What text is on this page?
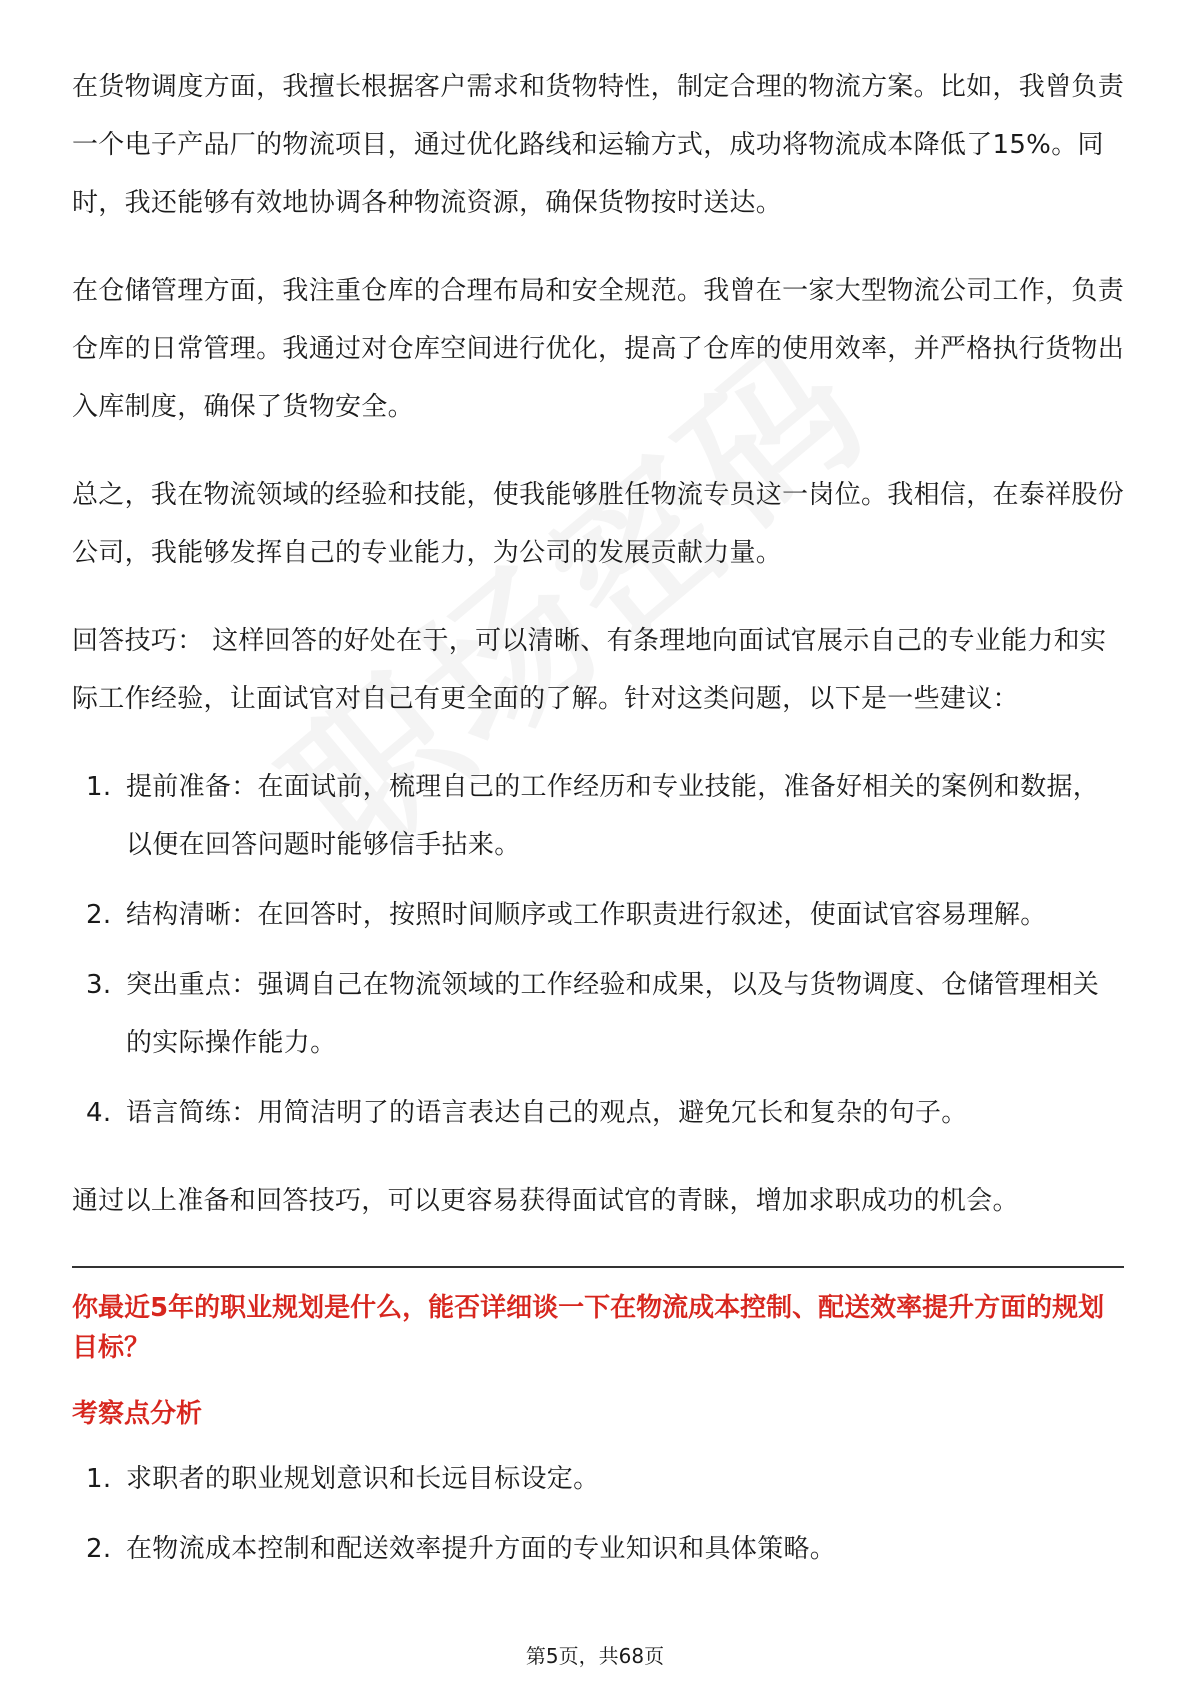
在货物调度方面，我擅长根据客户需求和货物特性，制定合理的物流方案。比如，我曾负责一个电子产品厂的物流项目，通过优化路线和运输方式，成功将物流成本降低了15%。同时，我还能够有效地协调各种物流资源，确保货物按时送达。

在仓储管理方面，我注重仓库的合理布局和安全规范。我曾在一家大型物流公司工作，负责仓库的日常管理。我通过对仓库空间进行优化，提高了仓库的使用效率，并严格执行货物出入库制度，确保了货物安全。

总之，我在物流领域的经验和技能，使我能够胜任物流专员这一岗位。我相信，在泰祥股份公司，我能够发挥自己的专业能力，为公司的发展贡献力量。

回答技巧： 这样回答的好处在于，可以清晰、有条理地向面试官展示自己的专业能力和实际工作经验，让面试官对自己有更全面的了解。针对这类问题，以下是一些建议：

1. 提前准备：在面试前，梳理自己的工作经历和专业技能，准备好相关的案例和数据，以便在回答问题时能够信手拈来。
2. 结构清晰：在回答时，按照时间顺序或工作职责进行叙述，使面试官容易理解。
3. 突出重点：强调自己在物流领域的工作经验和成果，以及与货物调度、仓储管理相关的实际操作能力。
4. 语言简练：用简洁明了的语言表达自己的观点，避免冗长和复杂的句子。

通过以上准备和回答技巧，可以更容易获得面试官的青睐，增加求职成功的机会。

你最近5年的职业规划是什么，能否详细谈一下在物流成本控制、配送效率提升方面的规划目标？
考察点分析
1. 求职者的职业规划意识和长远目标设定。
2. 在物流成本控制和配送效率提升方面的专业知识和具体策略。
第5页，共68页
